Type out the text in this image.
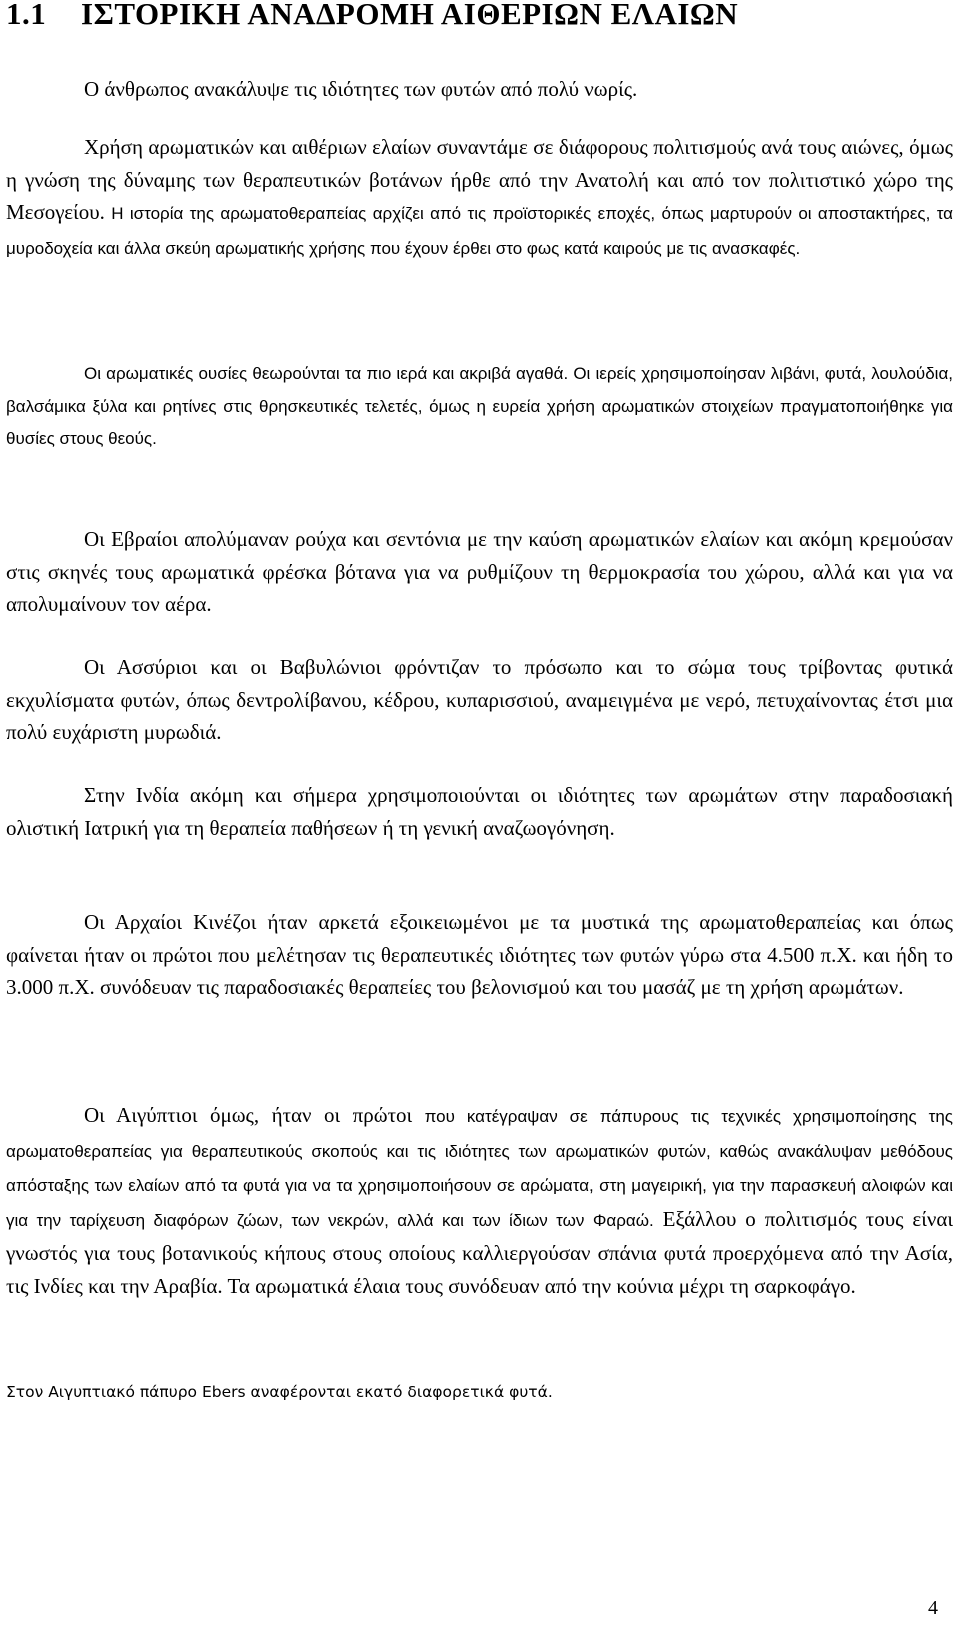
1.1 ΙΣΤΟΡΙΚΗ ΑΝΑΔΡΟΜΗ ΑΙΘΕΡΙΩΝ ΕΛΑΙΩΝ

Ο άνθρωπος ανακάλυψε τις ιδιότητες των φυτών από πολύ νωρίς.

Χρήση αρωματικών και αιθέριων ελαίων συναντάμε σε διάφορους πολιτισμούς ανά τους αιώνες, όμως η γνώση της δύναμης των θεραπευτικών βοτάνων ήρθε από την Ανατολή και από τον πολιτιστικό χώρο της Μεσογείου. Η ιστορία της αρωματοθεραπείας αρχίζει από τις προϊστορικές εποχές, όπως μαρτυρούν οι αποστακτήρες, τα μυροδοχεία και άλλα σκεύη αρωματικής χρήσης που έχουν έρθει στο φως κατά καιρούς με τις ανασκαφές.

Οι αρωματικές ουσίες θεωρούνται τα πιο ιερά και ακριβά αγαθά. Οι ιερείς χρησιμοποίησαν λιβάνι, φυτά, λουλούδια, βαλσάμικα ξύλα και ρητίνες στις θρησκευτικές τελετές, όμως η ευρεία χρήση αρωματικών στοιχείων πραγματοποιήθηκε για θυσίες στους θεούς.

Οι Εβραίοι απολύμαναν ρούχα και σεντόνια με την καύση αρωματικών ελαίων και ακόμη κρεμούσαν στις σκηνές τους αρωματικά φρέσκα βότανα για να ρυθμίζουν τη θερμοκρασία του χώρου, αλλά και για να απολυμαίνουν τον αέρα.

Οι Ασσύριοι και οι Βαβυλώνιοι φρόντιζαν το πρόσωπο και το σώμα τους τρίβοντας φυτικά εκχυλίσματα φυτών, όπως δεντρολίβανου, κέδρου, κυπαρισσιού, αναμειγμένα με νερό, πετυχαίνοντας έτσι μια πολύ ευχάριστη μυρωδιά.

Στην Ινδία ακόμη και σήμερα χρησιμοποιούνται οι ιδιότητες των αρωμάτων στην παραδοσιακή ολιστική Ιατρική για τη θεραπεία παθήσεων ή τη γενική αναζωογόνηση.

Οι Αρχαίοι Κινέζοι ήταν αρκετά εξοικειωμένοι με τα μυστικά της αρωματοθεραπείας και όπως φαίνεται ήταν οι πρώτοι που μελέτησαν τις θεραπευτικές ιδιότητες των φυτών γύρω στα 4.500 π.Χ. και ήδη το 3.000 π.Χ. συνόδευαν τις παραδοσιακές θεραπείες του βελονισμού και του μασάζ με τη χρήση αρωμάτων.

Οι Αιγύπτιοι όμως, ήταν οι πρώτοι που κατέγραψαν σε πάπυρους τις τεχνικές χρησιμοποίησης της αρωματοθεραπείας για θεραπευτικούς σκοπούς και τις ιδιότητες των αρωματικών φυτών, καθώς ανακάλυψαν μεθόδους απόσταξης των ελαίων από τα φυτά για να τα χρησιμοποιήσουν σε αρώματα, στη μαγειρική, για την παρασκευή αλοιφών και για την ταρίχευση διαφόρων ζώων, των νεκρών, αλλά και των ίδιων των Φαραώ. Εξάλλου ο πολιτισμός τους είναι γνωστός για τους βοτανικούς κήπους στους οποίους καλλιεργούσαν σπάνια φυτά προερχόμενα από την Ασία, τις Ινδίες και την Αραβία. Τα αρωματικά έλαια τους συνόδευαν από την κούνια μέχρι τη σαρκοφάγο.

Στον Αιγυπτιακό πάπυρο Ebers αναφέρονται εκατό διαφορετικά φυτά.

4
